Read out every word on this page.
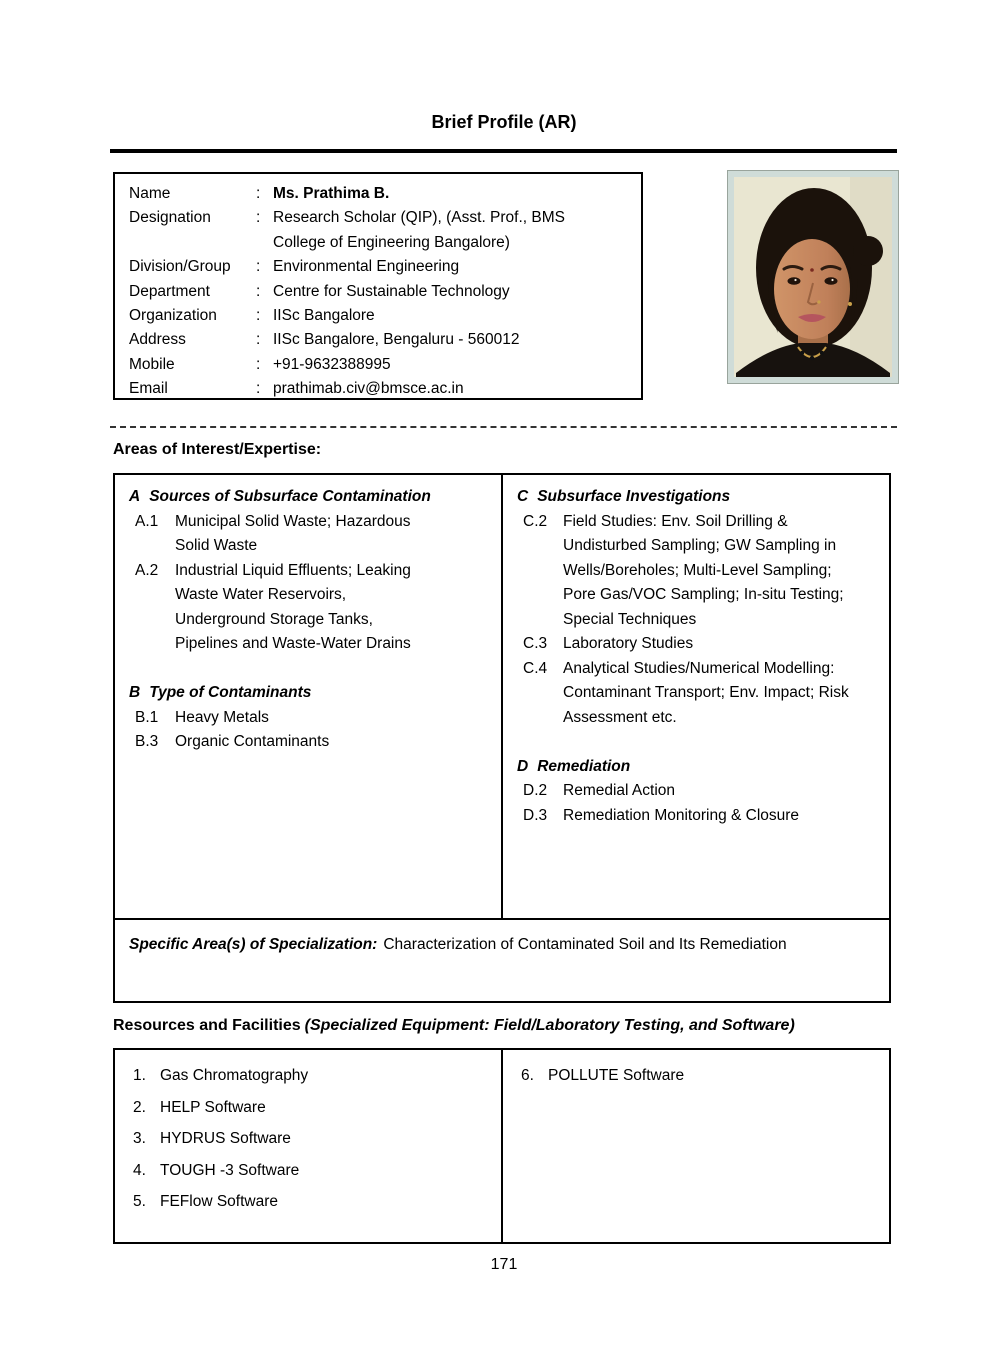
Brief Profile (AR)
Name	: Ms. Prathima B.
Designation	: Research Scholar (QIP), (Asst. Prof., BMS College of Engineering Bangalore)
Division/Group	: Environmental Engineering
Department	: Centre for Sustainable Technology
Organization	: IISc Bangalore
Address	: IISc Bangalore, Bengaluru - 560012
Mobile	: +91-9632388995
Email	: prathimab.civ@bmsce.ac.in
Areas of Interest/Expertise:
A Sources of Subsurface Contamination
A.1	Municipal Solid Waste; Hazardous Solid Waste
A.2	Industrial Liquid Effluents; Leaking Waste Water Reservoirs, Underground Storage Tanks, Pipelines and Waste-Water Drains
B Type of Contaminants
B.1	Heavy Metals
B.3	Organic Contaminants
C Subsurface Investigations
C.2	Field Studies: Env. Soil Drilling & Undisturbed Sampling; GW Sampling in Wells/Boreholes; Multi-Level Sampling; Pore Gas/VOC Sampling; In-situ Testing; Special Techniques
C.3	Laboratory Studies
C.4	Analytical Studies/Numerical Modelling: Contaminant Transport; Env. Impact; Risk Assessment etc.
D Remediation
D.2	Remedial Action
D.3	Remediation Monitoring & Closure
Specific Area(s) of Specialization: Characterization of Contaminated Soil and Its Remediation
Resources and Facilities (Specialized Equipment: Field/Laboratory Testing, and Software)
1. Gas Chromatography
2. HELP Software
3. HYDRUS Software
4. TOUGH -3 Software
5. FEFlow Software
6. POLLUTE Software
171
